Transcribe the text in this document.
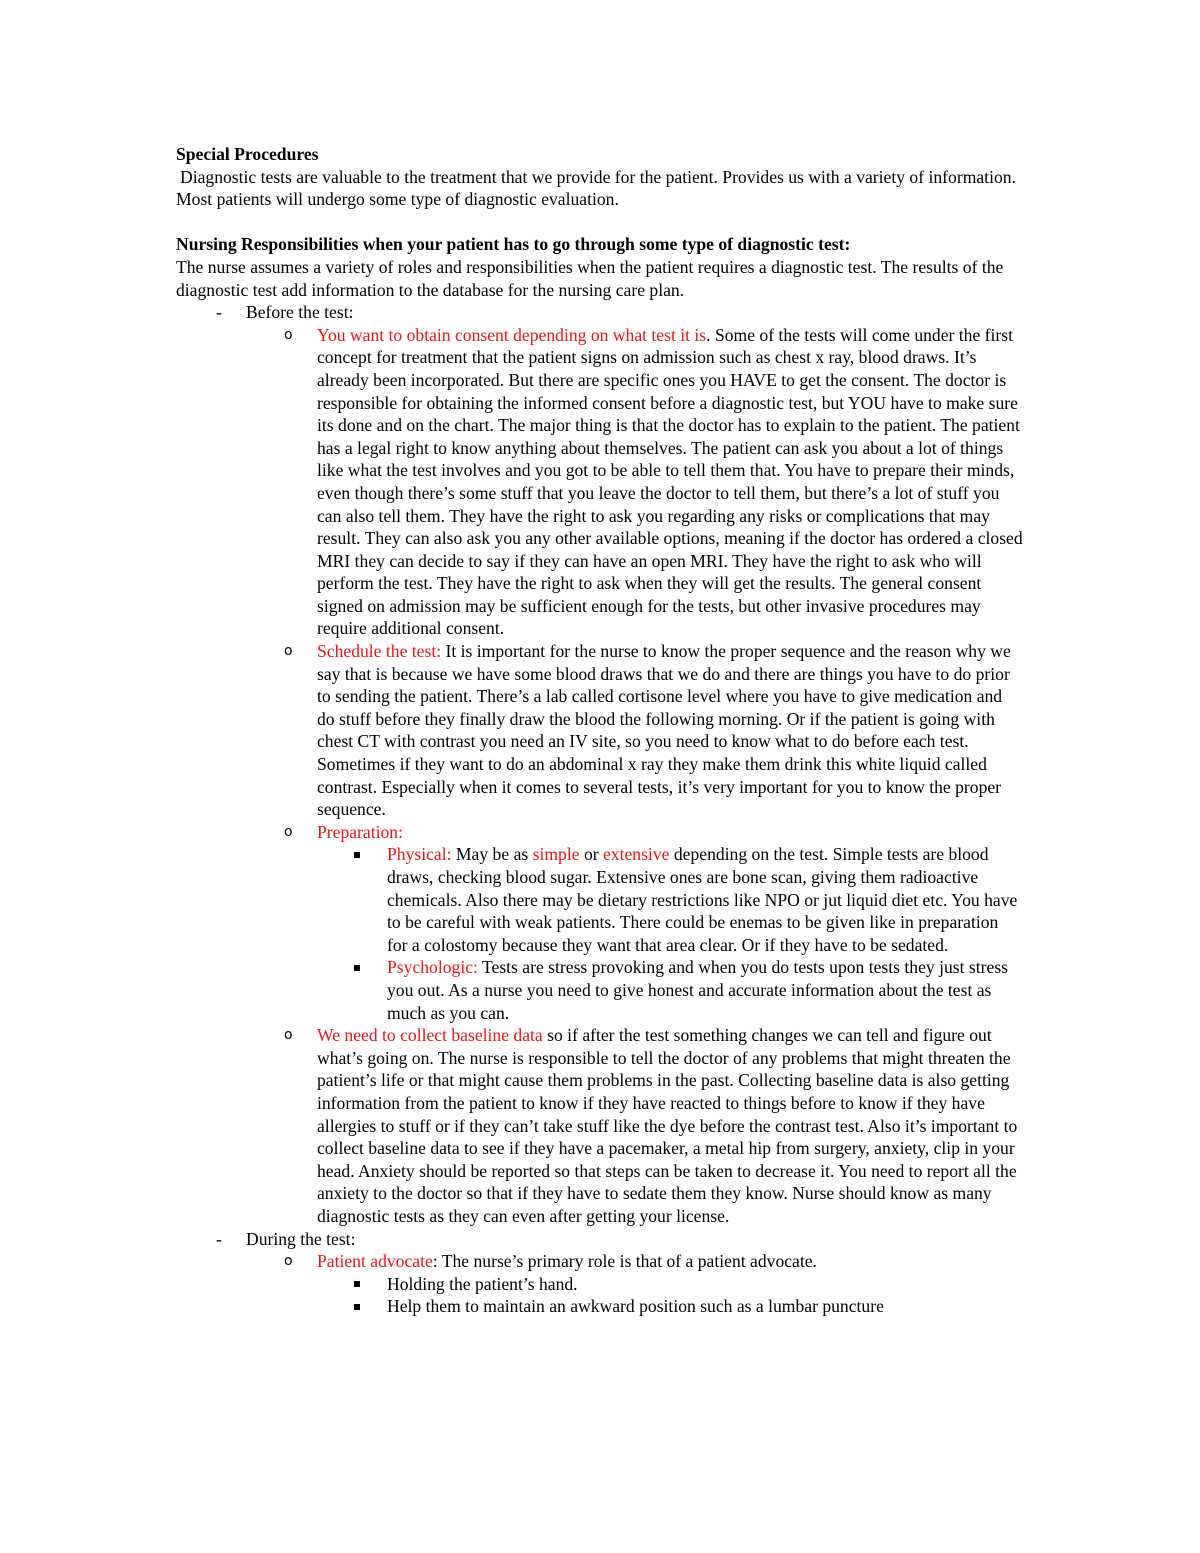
Special Procedures

Diagnostic tests are valuable to the treatment that we provide for the patient. Provides us with a variety of information. Most patients will undergo some type of diagnostic evaluation.

Nursing Responsibilities when your patient has to go through some type of diagnostic test:

The nurse assumes a variety of roles and responsibilities when the patient requires a diagnostic test. The results of the diagnostic test add information to the database for the nursing care plan.

- Before the test:
o You want to obtain consent depending on what test it is. Some of the tests will come under the first concept for treatment that the patient signs on admission such as chest x ray, blood draws. It’s already been incorporated. But there are specific ones you HAVE to get the consent. The doctor is responsible for obtaining the informed consent before a diagnostic test, but YOU have to make sure its done and on the chart. The major thing is that the doctor has to explain to the patient. The patient has a legal right to know anything about themselves. The patient can ask you about a lot of things like what the test involves and you got to be able to tell them that. You have to prepare their minds, even though there’s some stuff that you leave the doctor to tell them, but there’s a lot of stuff you can also tell them. They have the right to ask you regarding any risks or complications that may result. They can also ask you any other available options, meaning if the doctor has ordered a closed MRI they can decide to say if they can have an open MRI. They have the right to ask who will perform the test. They have the right to ask when they will get the results. The general consent signed on admission may be sufficient enough for the tests, but other invasive procedures may require additional consent.
o Schedule the test: It is important for the nurse to know the proper sequence and the reason why we say that is because we have some blood draws that we do and there are things you have to do prior to sending the patient. There’s a lab called cortisone level where you have to give medication and do stuff before they finally draw the blood the following morning. Or if the patient is going with chest CT with contrast you need an IV site, so you need to know what to do before each test. Sometimes if they want to do an abdominal x ray they make them drink this white liquid called contrast. Especially when it comes to several tests, it’s very important for you to know the proper sequence.
o Preparation:
Physical: May be as simple or extensive depending on the test. Simple tests are blood draws, checking blood sugar. Extensive ones are bone scan, giving them radioactive chemicals. Also there may be dietary restrictions like NPO or jut liquid diet etc. You have to be careful with weak patients. There could be enemas to be given like in preparation for a colostomy because they want that area clear. Or if they have to be sedated.
Psychologic: Tests are stress provoking and when you do tests upon tests they just stress you out. As a nurse you need to give honest and accurate information about the test as much as you can.
o We need to collect baseline data so if after the test something changes we can tell and figure out what’s going on. The nurse is responsible to tell the doctor of any problems that might threaten the patient’s life or that might cause them problems in the past. Collecting baseline data is also getting information from the patient to know if they have reacted to things before to know if they have allergies to stuff or if they can’t take stuff like the dye before the contrast test. Also it’s important to collect baseline data to see if they have a pacemaker, a metal hip from surgery, anxiety, clip in your head. Anxiety should be reported so that steps can be taken to decrease it. You need to report all the anxiety to the doctor so that if they have to sedate them they know. Nurse should know as many diagnostic tests as they can even after getting your license.
- During the test:
o Patient advocate: The nurse’s primary role is that of a patient advocate.
Holding the patient’s hand.
Help them to maintain an awkward position such as a lumbar puncture
